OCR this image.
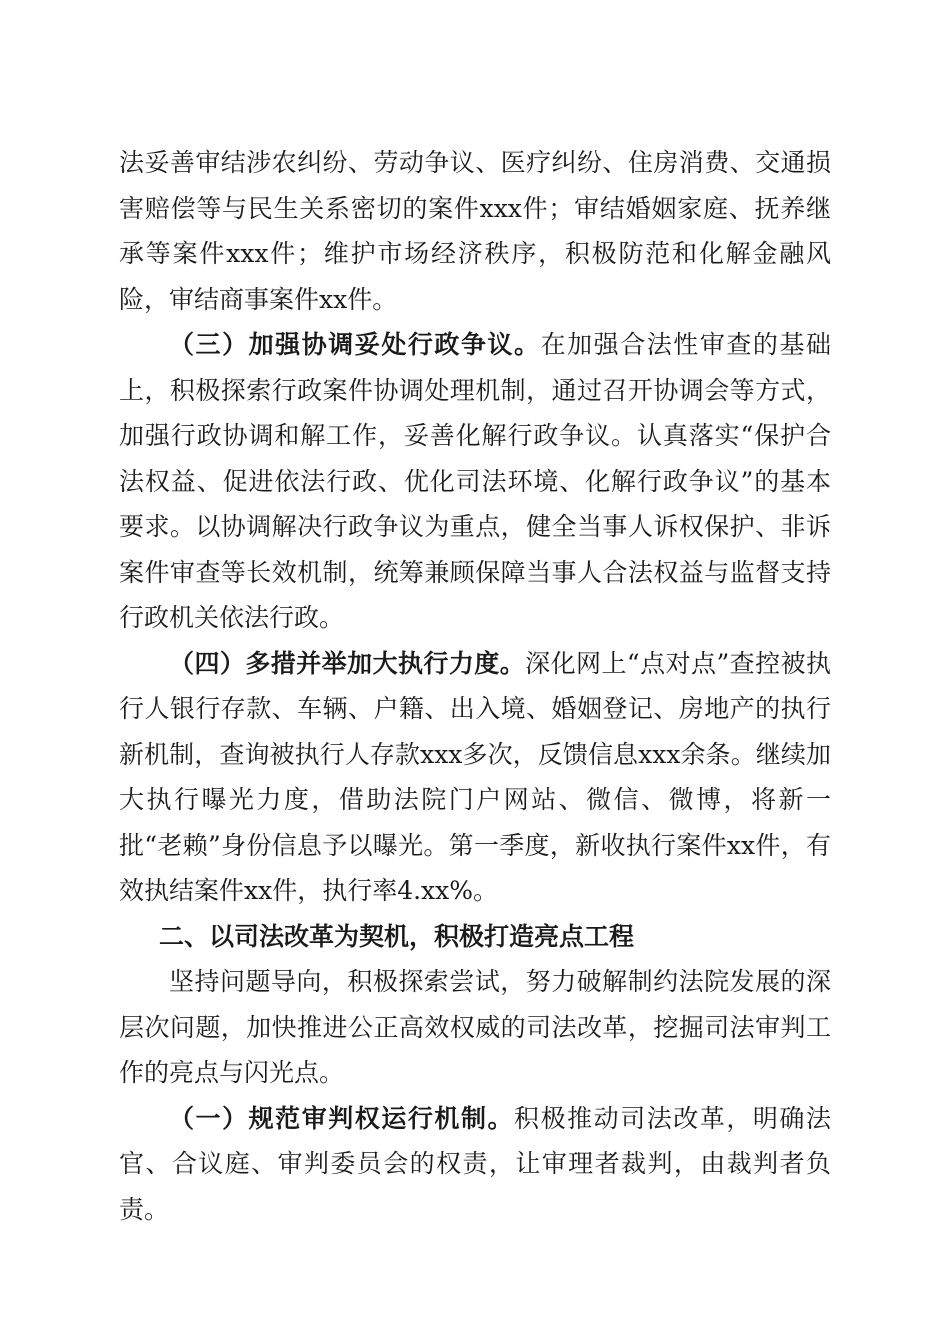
法妥善审结涉农纠纷、劳动争议、医疗纠纷、住房消费、交通损害赔偿等与民生关系密切的案件xxx件；审结婚姻家庭、抚养继承等案件xxx件；维护市场经济秩序，积极防范和化解金融风险，审结商事案件xx件。

（三）加强协调妥处行政争议。在加强合法性审查的基础上，积极探索行政案件协调处理机制，通过召开协调会等方式，加强行政协调和解工作，妥善化解行政争议。认真落实“保护合法权益、促进依法行政、优化司法环境、化解行政争议”的基本要求。以协调解决行政争议为重点，健全当事人诉权保护、非诉案件审查等长效机制，统筹兼顾保障当事人合法权益与监督支持行政机关依法行政。

（四）多措并举加大执行力度。深化网上“点对点”查控被执行人银行存款、车辆、户籍、出入境、婚姻登记、房地产的执行新机制，查询被执行人存款xxx多次，反馈信息xxx余条。继续加大执行曝光力度，借助法院门户网站、微信、微博，将新一批“老赖”身份信息予以曝光。第一季度，新收执行案件xx件，有效执结案件xx件，执行率4.xx%。

二、以司法改革为契机，积极打造亮点工程

坚持问题导向，积极探索尝试，努力破解制约法院发展的深层次问题，加快推进公正高效权威的司法改革，挖掘司法审判工作的亮点与闪光点。

（一）规范审判权运行机制。积极推动司法改革，明确法官、合议庭、审判委员会的权责，让审理者裁判，由裁判者负责。
